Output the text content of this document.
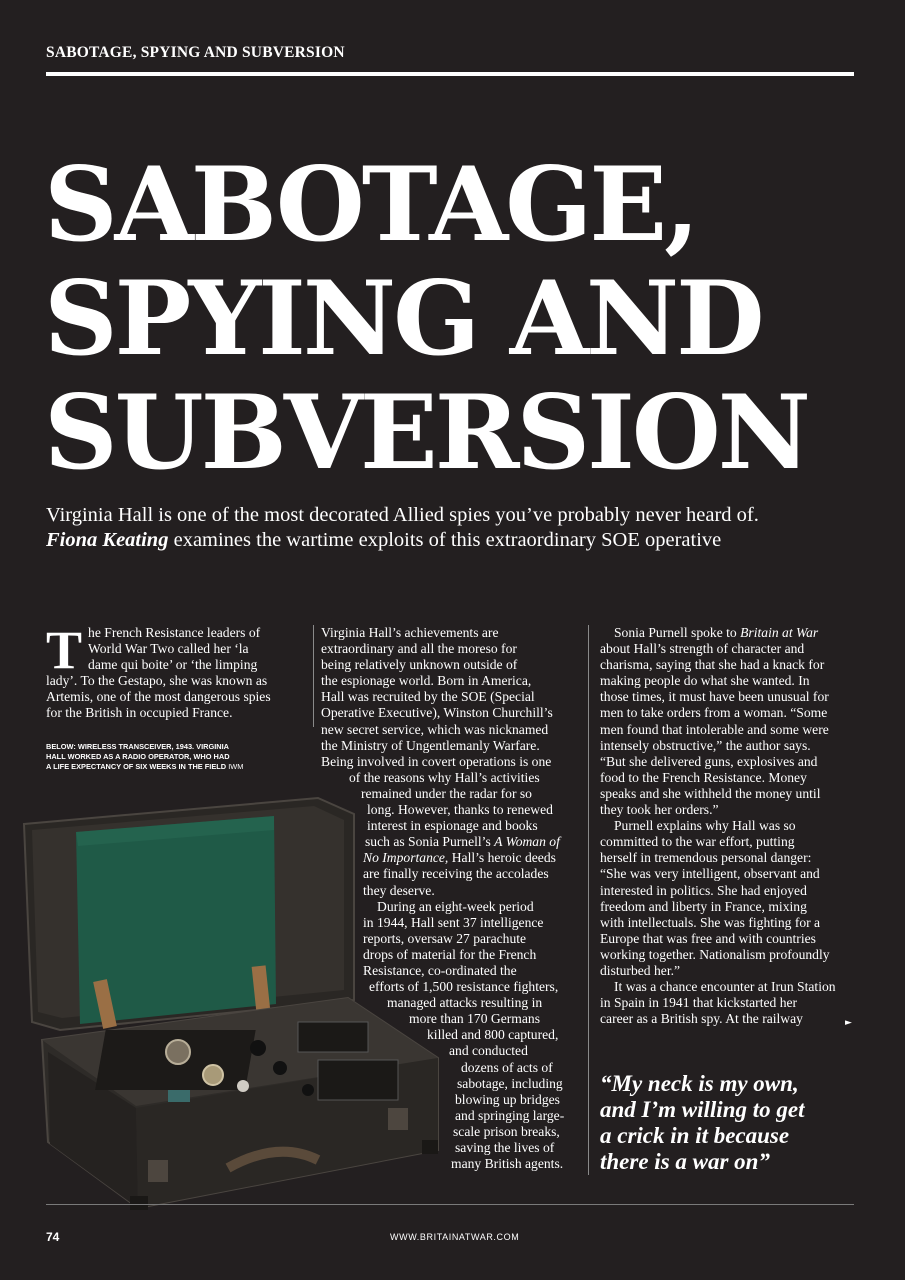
SABOTAGE, SPYING AND SUBVERSION
SABOTAGE,
SPYING AND
SUBVERSION
Virginia Hall is one of the most decorated Allied spies you’ve probably never heard of.
Fiona Keating examines the wartime exploits of this extraordinary SOE operative
T he French Resistance leaders of

World War Two called her ‘la

dame qui boite’ or ‘the limping

lady’. To the Gestapo, she was known as

Artemis, one of the most dangerous spies

for the British in occupied France.

BELOW: WIRELESS TRANSCEIVER, 1943. VIRGINIA
HALL WORKED AS A RADIO OPERATOR, WHO HAD
A LIFE EXPECTANCY OF SIX WEEKS IN THE FIELD IWM

Virginia Hall’s achievements are

extraordinary and all the moreso for

being relatively unknown outside of

the espionage world. Born in America,

Hall was recruited by the SOE (Special

Operative Executive), Winston Churchill’s

new secret service, which was nicknamed

the Ministry of Ungentlemanly Warfare.

Being involved in covert operations is one

of the reasons why Hall’s activities

remained under the radar for so

long. However, thanks to renewed

interest in espionage and books

such as Sonia Purnell’s A Woman of

No Importance, Hall’s heroic deeds

are finally receiving the accolades

they deserve.

During an eight-week period

in 1944, Hall sent 37 intelligence

reports, oversaw 27 parachute

drops of material for the French

Resistance, co-ordinated the

efforts of 1,500 resistance fighters,

managed attacks resulting in

more than 170 Germans

killed and 800 captured,

and conducted

dozens of acts of

sabotage, including

blowing up bridges

and springing large-

scale prison breaks,

saving the lives of

many British agents.

Sonia Purnell spoke to Britain at War

about Hall’s strength of character and

charisma, saying that she had a knack for

making people do what she wanted. In

those times, it must have been unusual for

men to take orders from a woman. “Some

men found that intolerable and some were

intensely obstructive,” the author says.

“But she delivered guns, explosives and

food to the French Resistance. Money

speaks and she withheld the money until

they took her orders.”

Purnell explains why Hall was so

committed to the war effort, putting

herself in tremendous personal danger:

“She was very intelligent, observant and

interested in politics. She had enjoyed

freedom and liberty in France, mixing

with intellectuals. She was fighting for a

Europe that was free and with countries

working together. Nationalism profoundly

disturbed her.”

It was a chance encounter at Irun Station

in Spain in 1941 that kickstarted her

career as a British spy. At the railway	►
“My neck is my own,
and I’m willing to get
a crick in it because
there is a war on”
74	WWW.BRITAINATWAR.COM
